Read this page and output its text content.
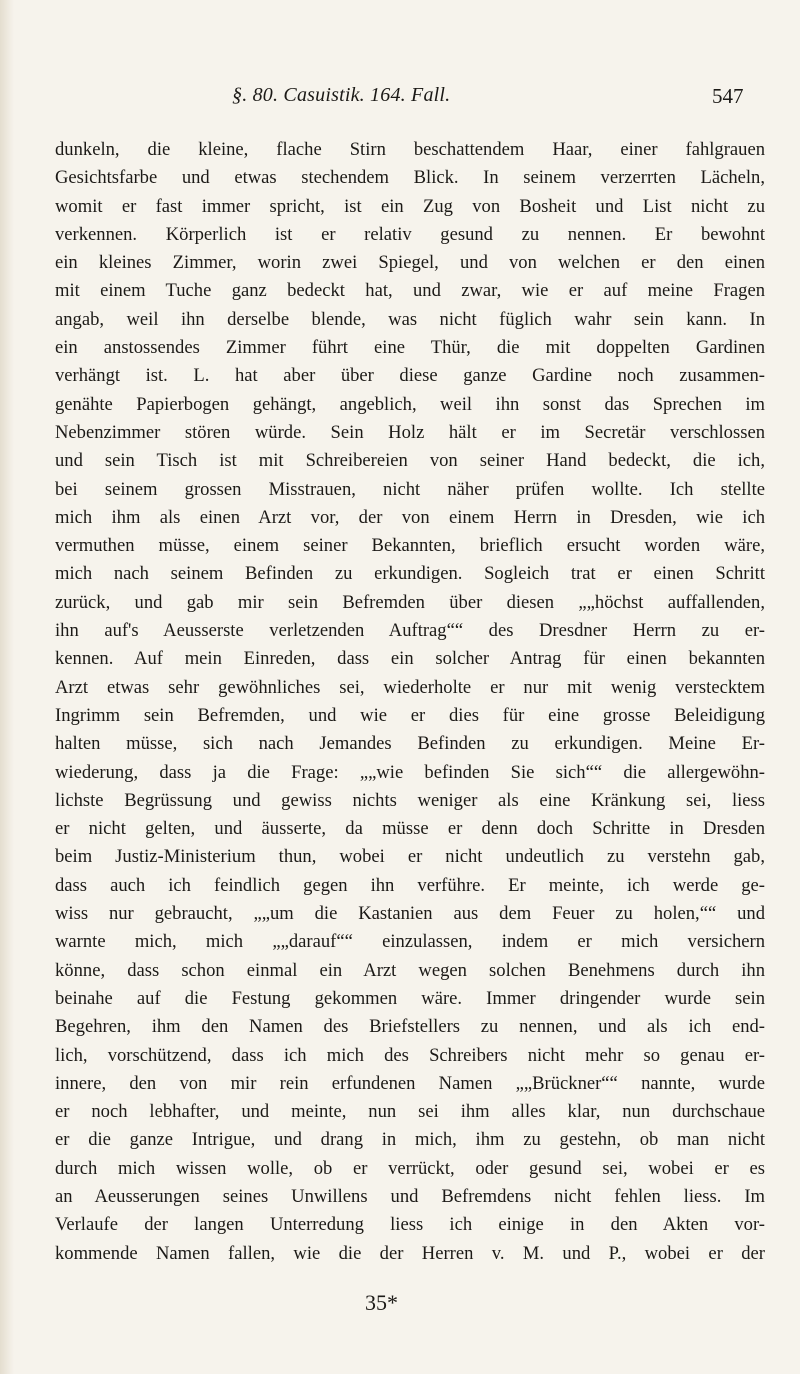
§. 80. Casuistik. 164. Fall.	547
dunkeln, die kleine, flache Stirn beschattendem Haar, einer fahlgrauen
Gesichtsfarbe und etwas stechendem Blick. In seinem verzerrten Lächeln,
womit er fast immer spricht, ist ein Zug von Bosheit und List nicht zu
verkennen. Körperlich ist er relativ gesund zu nennen. Er bewohnt
ein kleines Zimmer, worin zwei Spiegel, und von welchen er den einen
mit einem Tuche ganz bedeckt hat, und zwar, wie er auf meine Fragen
angab, weil ihn derselbe blende, was nicht füglich wahr sein kann. In
ein anstossendes Zimmer führt eine Thür, die mit doppelten Gardinen
verhängt ist. L. hat aber über diese ganze Gardine noch zusammen-
genähte Papierbogen gehängt, angeblich, weil ihn sonst das Sprechen im
Nebenzimmer stören würde. Sein Holz hält er im Secretär verschlossen
und sein Tisch ist mit Schreibereien von seiner Hand bedeckt, die ich,
bei seinem grossen Misstrauen, nicht näher prüfen wollte. Ich stellte
mich ihm als einen Arzt vor, der von einem Herrn in Dresden, wie ich
vermuthen müsse, einem seiner Bekannten, brieflich ersucht worden wäre,
mich nach seinem Befinden zu erkundigen. Sogleich trat er einen Schritt
zurück, und gab mir sein Befremden über diesen „„höchst auffallenden,
ihn auf's Aeusserste verletzenden Auftrag““ des Dresdner Herrn zu er-
kennen. Auf mein Einreden, dass ein solcher Antrag für einen bekannten
Arzt etwas sehr gewöhnliches sei, wiederholte er nur mit wenig verstecktem
Ingrimm sein Befremden, und wie er dies für eine grosse Beleidigung
halten müsse, sich nach Jemandes Befinden zu erkundigen. Meine Er-
wiederung, dass ja die Frage: „„wie befinden Sie sich““ die allergewöhn-
lichste Begrüssung und gewiss nichts weniger als eine Kränkung sei, liess
er nicht gelten, und äusserte, da müsse er denn doch Schritte in Dresden
beim Justiz-Ministerium thun, wobei er nicht undeutlich zu verstehn gab,
dass auch ich feindlich gegen ihn verführe. Er meinte, ich werde ge-
wiss nur gebraucht, „„um die Kastanien aus dem Feuer zu holen,““ und
warnte mich, mich „„darauf““ einzulassen, indem er mich versichern
könne, dass schon einmal ein Arzt wegen solchen Benehmens durch ihn
beinahe auf die Festung gekommen wäre. Immer dringender wurde sein
Begehren, ihm den Namen des Briefstellers zu nennen, und als ich end-
lich, vorschützend, dass ich mich des Schreibers nicht mehr so genau er-
innere, den von mir rein erfundenen Namen „„Brückner““ nannte, wurde
er noch lebhafter, und meinte, nun sei ihm alles klar, nun durchschaue
er die ganze Intrigue, und drang in mich, ihm zu gestehn, ob man nicht
durch mich wissen wolle, ob er verrückt, oder gesund sei, wobei er es
an Aeusserungen seines Unwillens und Befremdens nicht fehlen liess. Im
Verlaufe der langen Unterredung liess ich einige in den Akten vor-
kommende Namen fallen, wie die der Herren v. M. und P., wobei er der
35*
